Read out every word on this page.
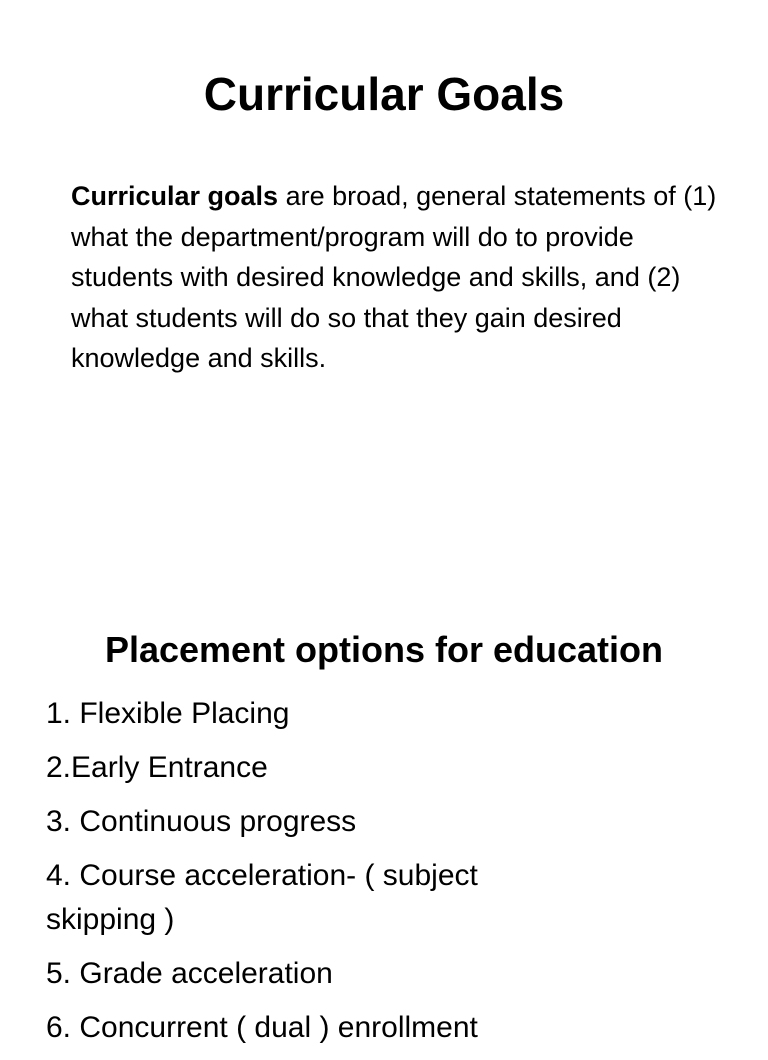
Curricular Goals
Curricular goals are broad, general statements of (1) what the department/program will do to provide students with desired knowledge and skills, and (2) what students will do so that they gain desired knowledge and skills.
Placement options for education
1. Flexible Placing
2.Early Entrance
3. Continuous progress
4. Course acceleration- ( subject skipping )
5. Grade acceleration
6. Concurrent ( dual ) enrollment
